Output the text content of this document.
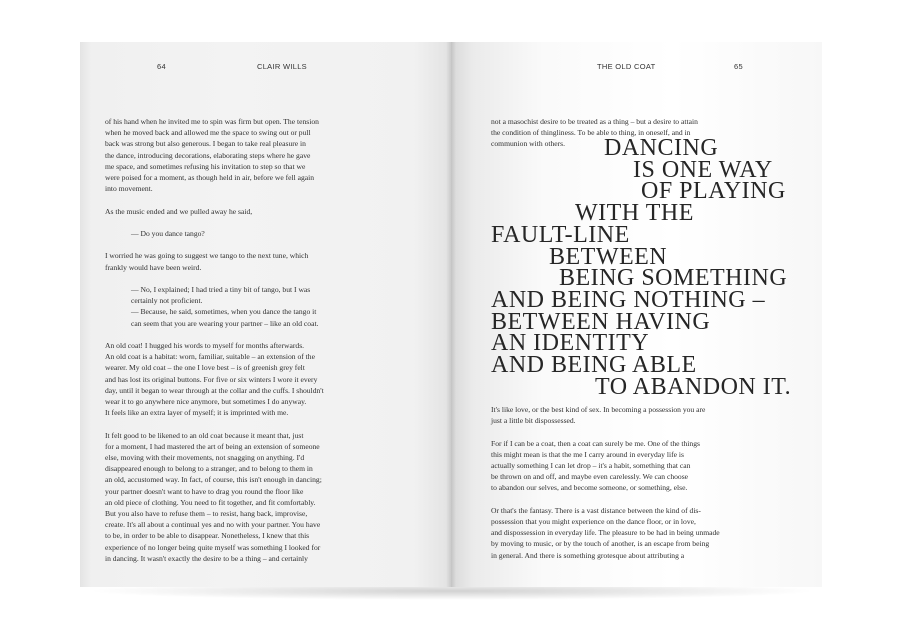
64	CLAIR WILLS

of his hand when he invited me to spin was firm but open. The tension
when he moved back and allowed me the space to swing out or pull
back was strong but also generous. I began to take real pleasure in
the dance, introducing decorations, elaborating steps where he gave
me space, and sometimes refusing his invitation to step so that we
were poised for a moment, as though held in air, before we fell again
into movement.

As the music ended and we pulled away he said,

— Do you dance tango?

I worried he was going to suggest we tango to the next tune, which
frankly would have been weird.

— No, I explained; I had tried a tiny bit of tango, but I was
certainly not proficient.
— Because, he said, sometimes, when you dance the tango it
can seem that you are wearing your partner – like an old coat.

An old coat! I hugged his words to myself for months afterwards.
An old coat is a habitat: worn, familiar, suitable – an extension of the
wearer. My old coat – the one I love best – is of greenish grey felt
and has lost its original buttons. For five or six winters I wore it every
day, until it began to wear through at the collar and the cuffs. I shouldn't
wear it to go anywhere nice anymore, but sometimes I do anyway.
It feels like an extra layer of myself; it is imprinted with me.

It felt good to be likened to an old coat because it meant that, just
for a moment, I had mastered the art of being an extension of someone
else, moving with their movements, not snagging on anything. I'd
disappeared enough to belong to a stranger, and to belong to them in
an old, accustomed way. In fact, of course, this isn't enough in dancing;
your partner doesn't want to have to drag you round the floor like
an old piece of clothing. You need to fit together, and fit comfortably.
But you also have to refuse them – to resist, hang back, improvise,
create. It's all about a continual yes and no with your partner. You have
to be, in order to be able to disappear. Nonetheless, I knew that this
experience of no longer being quite myself was something I looked for
in dancing. It wasn't exactly the desire to be a thing – and certainly

THE OLD COAT	65
not a masochist desire to be treated as a thing – but a desire to attain
the condition of thingliness. To be able to thing, in oneself, and in
communion with others.	DANCING
IS ONE WAY
OF PLAYING
WITH THE
FAULT-LINE
BETWEEN
BEING SOMETHING
AND BEING NOTHING –
BETWEEN HAVING
AN IDENTITY
AND BEING ABLE
TO ABANDON IT.

It's like love, or the best kind of sex. In becoming a possession you are
just a little bit dispossessed.

For if I can be a coat, then a coat can surely be me. One of the things
this might mean is that the me I carry around in everyday life is
actually something I can let drop – it's a habit, something that can
be thrown on and off, and maybe even carelessly. We can choose
to abandon our selves, and become someone, or something, else.

Or that's the fantasy. There is a vast distance between the kind of dis-
possession that you might experience on the dance floor, or in love,
and dispossession in everyday life. The pleasure to be had in being unmade
by moving to music, or by the touch of another, is an escape from being
in general. And there is something grotesque about attributing a
